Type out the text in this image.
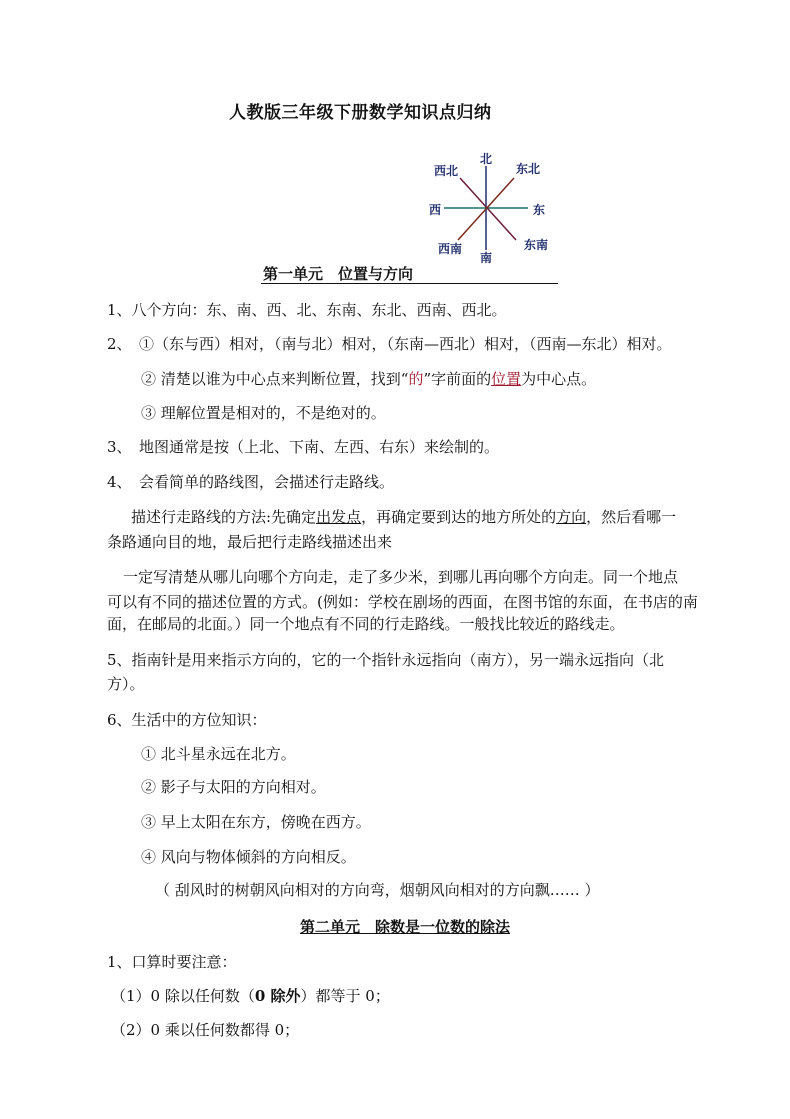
人教版三年级下册数学知识点归纳
北
西北	东北
西	东
西南	东南
南
第一单元　位置与方向
1、八个方向：东、南、西、北、东南、东北、西南、西北。
2、　①（东与西）相对，（南与北）相对，（东南—西北）相对，（西南—东北）相对。
② 清楚以谁为中心点来判断位置，找到“的”字前面的位置为中心点。
③ 理解位置是相对的，不是绝对的。
3、　地图通常是按（上北、下南、左西、右东）来绘制的。
4、　会看简单的路线图，会描述行走路线。
描述行走路线的方法:先确定出发点，再确定要到达的地方所处的方向，然后看哪一
条路通向目的地，最后把行走路线描述出来
一定写清楚从哪儿向哪个方向走，走了多少米，到哪儿再向哪个方向走。同一个地点
可以有不同的描述位置的方式。(例如：学校在剧场的西面，在图书馆的东面，在书店的南
面，在邮局的北面。）同一个地点有不同的行走路线。一般找比较近的路线走。
5、指南针是用来指示方向的，它的一个指针永远指向（南方），另一端永远指向（北
方）。
6、生活中的方位知识：
① 北斗星永远在北方。
② 影子与太阳的方向相对。
③ 早上太阳在东方，傍晚在西方。
④ 风向与物体倾斜的方向相反。
（ 刮风时的树朝风向相对的方向弯，烟朝风向相对的方向飘…… ）
第二单元　除数是一位数的除法
1、口算时要注意：
（1）0 除以任何数（0 除外）都等于 0；
（2）0 乘以任何数都得 0；
